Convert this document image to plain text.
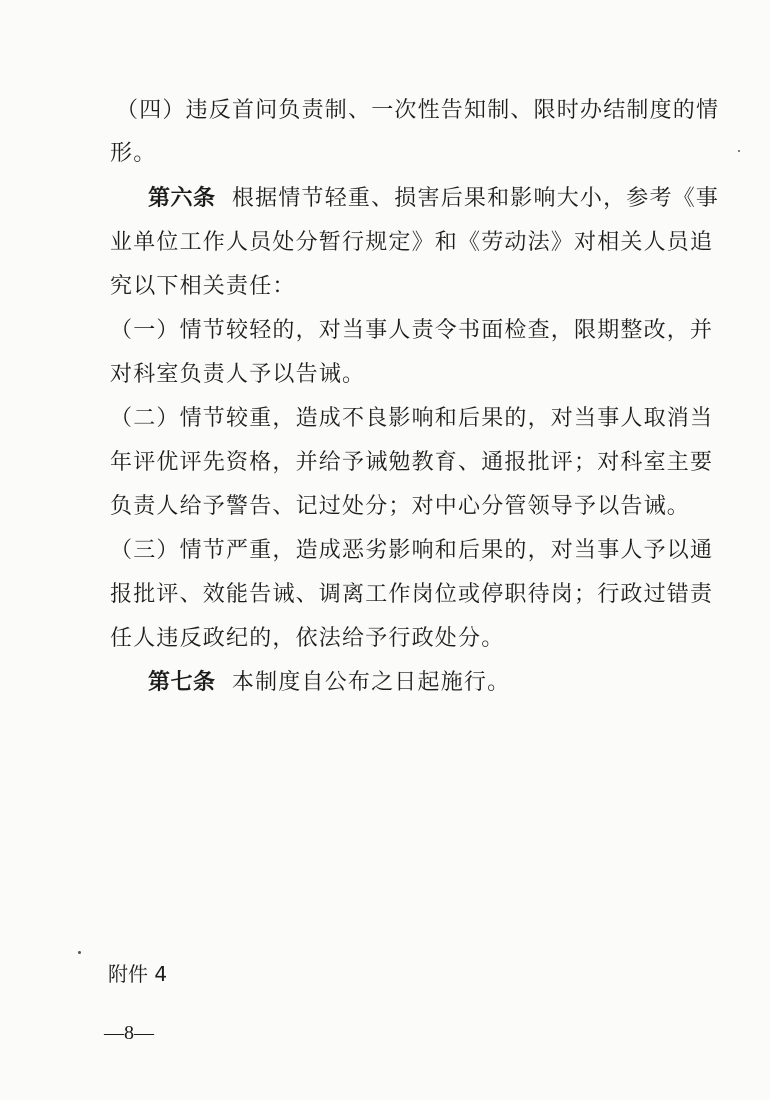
（四）违反首问负责制、一次性告知制、限时办结制度的情

形。

第六条 根据情节轻重、损害后果和影响大小，参考《事

业单位工作人员处分暂行规定》和《劳动法》对相关人员追

究以下相关责任：

（一）情节较轻的，对当事人责令书面检查，限期整改，并

对科室负责人予以告诫。

（二）情节较重，造成不良影响和后果的，对当事人取消当

年评优评先资格，并给予诫勉教育、通报批评；对科室主要

负责人给予警告、记过处分；对中心分管领导予以告诫。

（三）情节严重，造成恶劣影响和后果的，对当事人予以通

报批评、效能告诫、调离工作岗位或停职待岗；行政过错责

任人违反政纪的，依法给予行政处分。

第七条 本制度自公布之日起施行。

附件 4
—8—
